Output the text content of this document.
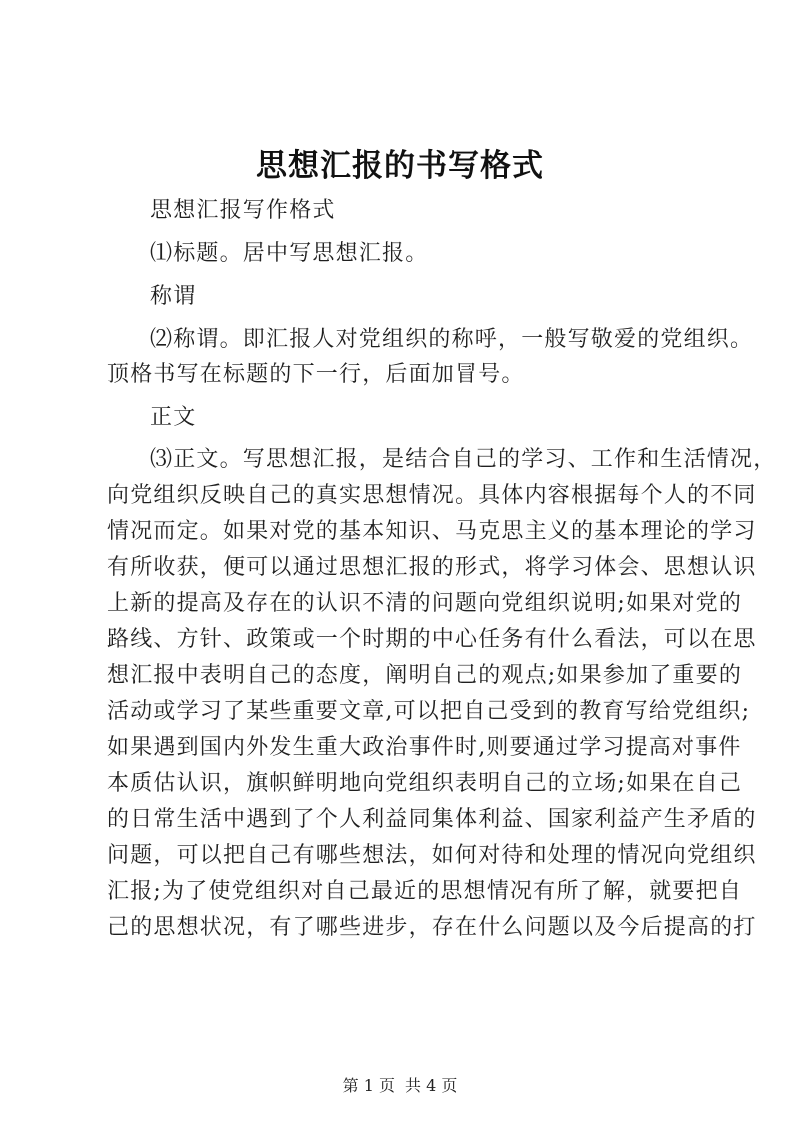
思想汇报的书写格式
思想汇报写作格式
⑴标题。居中写思想汇报。
称谓
⑵称谓。即汇报人对党组织的称呼，一般写敬爱的党组织。
顶格书写在标题的下一行，后面加冒号。
正文
⑶正文。写思想汇报，是结合自己的学习、工作和生活情况，
向党组织反映自己的真实思想情况。具体内容根据每个人的不同
情况而定。如果对党的基本知识、马克思主义的基本理论的学习
有所收获，便可以通过思想汇报的形式，将学习体会、思想认识
上新的提高及存在的认识不清的问题向党组织说明;如果对党的
路线、方针、政策或一个时期的中心任务有什么看法，可以在思
想汇报中表明自己的态度，阐明自己的观点;如果参加了重要的
活动或学习了某些重要文章,可以把自己受到的教育写给党组织;
如果遇到国内外发生重大政治事件时,则要通过学习提高对事件
本质估认识，旗帜鲜明地向党组织表明自己的立场;如果在自己
的日常生活中遇到了个人利益同集体利益、国家利益产生矛盾的
问题，可以把自己有哪些想法，如何对待和处理的情况向党组织
汇报;为了使党组织对自己最近的思想情况有所了解，就要把自
己的思想状况，有了哪些进步，存在什么问题以及今后提高的打
第 1 页 共 4 页
